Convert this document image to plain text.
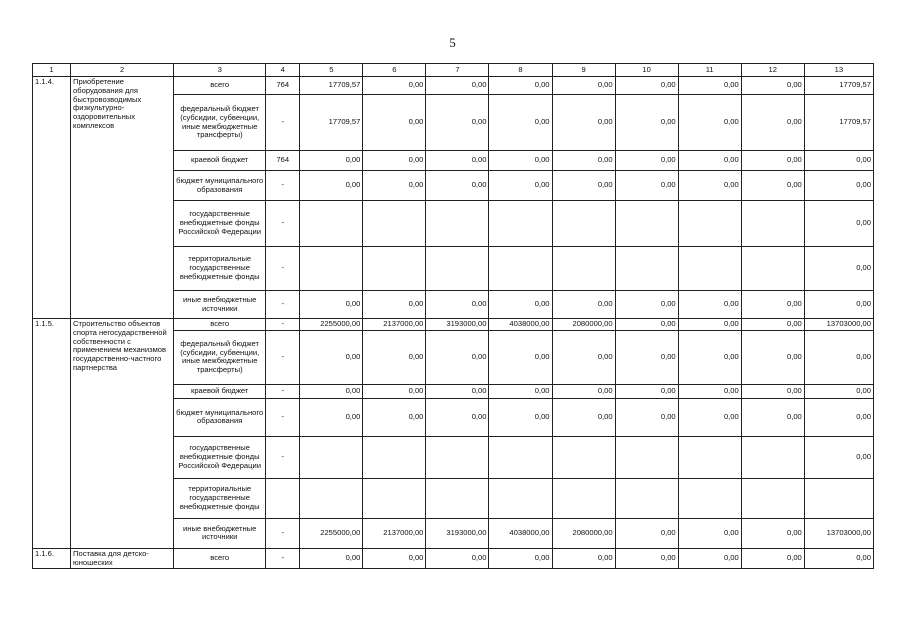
5
1	2	3	4	5	6	7	8	9	10	11	12	13
1.1.4.	Приобретение оборудования для быстровозводимых физкультурно-оздоровительных комплексов	всего	764	17709,57	0,00	0,00	0,00	0,00	0,00	0,00	0,00	17709,57
		федеральный бюджет (субсидии, субвенции, иные межбюджетные трансферты)	-	17709,57	0,00	0,00	0,00	0,00	0,00	0,00	0,00	17709,57
		краевой бюджет	764	0,00	0,00	0,00	0,00	0,00	0,00	0,00	0,00	0,00
		бюджет муниципального образования	-	0,00	0,00	0,00	0,00	0,00	0,00	0,00	0,00	0,00
		государственные внебюджетные фонды Российской Федерации	-									0,00
		территориальные государственные внебюджетные фонды	-									0,00
		иные внебюджетные источники	-	0,00	0,00	0,00	0,00	0,00	0,00	0,00	0,00	0,00
1.1.5.	Строительство объектов спорта негосударственной собственности с применением механизмов государственно-частного партнерства	всего	-	2255000,00	2137000,00	3193000,00	4038000,00	2080000,00	0,00	0,00	0,00	13703000,00
		федеральный бюджет (субсидии, субвенции, иные межбюджетные трансферты)	-	0,00	0,00	0,00	0,00	0,00	0,00	0,00	0,00	0,00
		краевой бюджет	-	0,00	0,00	0,00	0,00	0,00	0,00	0,00	0,00	0,00
		бюджет муниципального образования	-	0,00	0,00	0,00	0,00	0,00	0,00	0,00	0,00	0,00
		государственные внебюджетные фонды Российской Федерации	-									0,00
		территориальные государственные внебюджетные фонды										
		иные внебюджетные источники	-	2255000,00	2137000,00	3193000,00	4038000,00	2080000,00	0,00	0,00	0,00	13703000,00
1.1.6.	Поставка для детско-юношеских	всего	-	0,00	0,00	0,00	0,00	0,00	0,00	0,00	0,00	0,00
